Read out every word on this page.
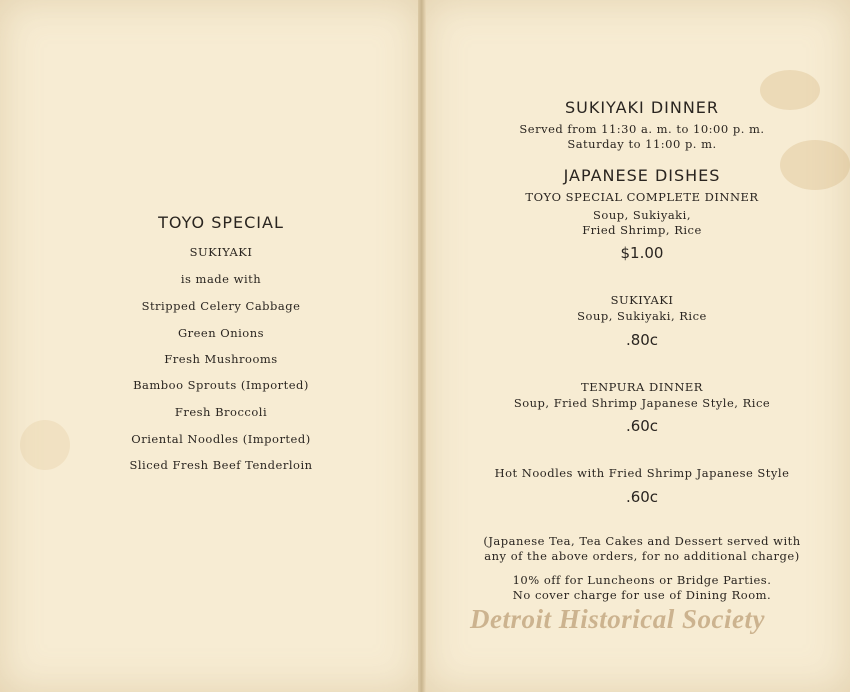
TOYO SPECIAL
SUKIYAKI
is made with
Stripped Celery Cabbage
Green Onions
Fresh Mushrooms
Bamboo Sprouts (Imported)
Fresh Broccoli
Oriental Noodles (Imported)
Sliced Fresh Beef Tenderloin
SUKIYAKI DINNER
Served from 11:30 a. m. to 10:00 p. m.
Saturday to 11:00 p. m.
JAPANESE DISHES
TOYO SPECIAL COMPLETE DINNER
Soup, Sukiyaki,
Fried Shrimp, Rice
$1.00
SUKIYAKI
Soup, Sukiyaki, Rice
.80c
TENPURA DINNER
Soup, Fried Shrimp Japanese Style, Rice
.60c
Hot Noodles with Fried Shrimp Japanese Style
.60c
(Japanese Tea, Tea Cakes and Dessert served with
any of the above orders, for no additional charge)
10% off for Luncheons or Bridge Parties.
No cover charge for use of Dining Room.
Detroit Historical Society
